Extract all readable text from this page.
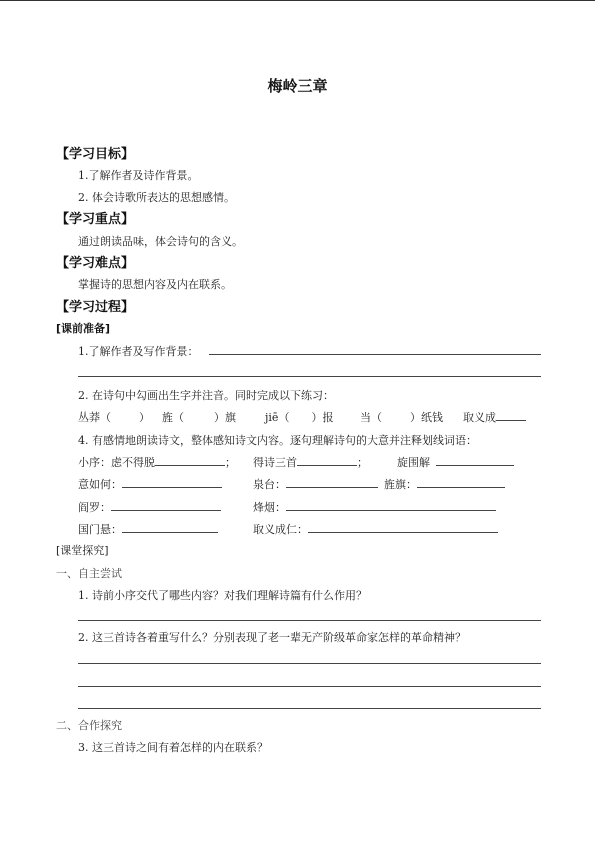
梅岭三章
【学习目标】
1.了解作者及诗作背景。
2. 体会诗歌所表达的思想感情。
【学习重点】
通过朗读品味，体会诗句的含义。
【学习难点】
掌握诗的思想内容及内在联系。
【学习过程】
[课前准备]
1.了解作者及写作背景：
2. 在诗句中勾画出生字并注音。同时完成以下练习：
丛莽（	） 旌（	）旗	jiē（ ）报 当（	）纸钱 取义成
4. 有感情地朗读诗文，整体感知诗文内容。逐句理解诗句的大意并注释划线词语：
小序：虑不得脱	； 得诗三首	；	旋围解
意如何：	泉台：	旌旗：
阎罗：	烽烟：
国门悬：	取义成仁：
[课堂探究]
一、自主尝试
1. 诗前小序交代了哪些内容？对我们理解诗篇有什么作用？
2. 这三首诗各着重写什么？分别表现了老一辈无产阶级革命家怎样的革命精神？
二、合作探究
3. 这三首诗之间有着怎样的内在联系？
